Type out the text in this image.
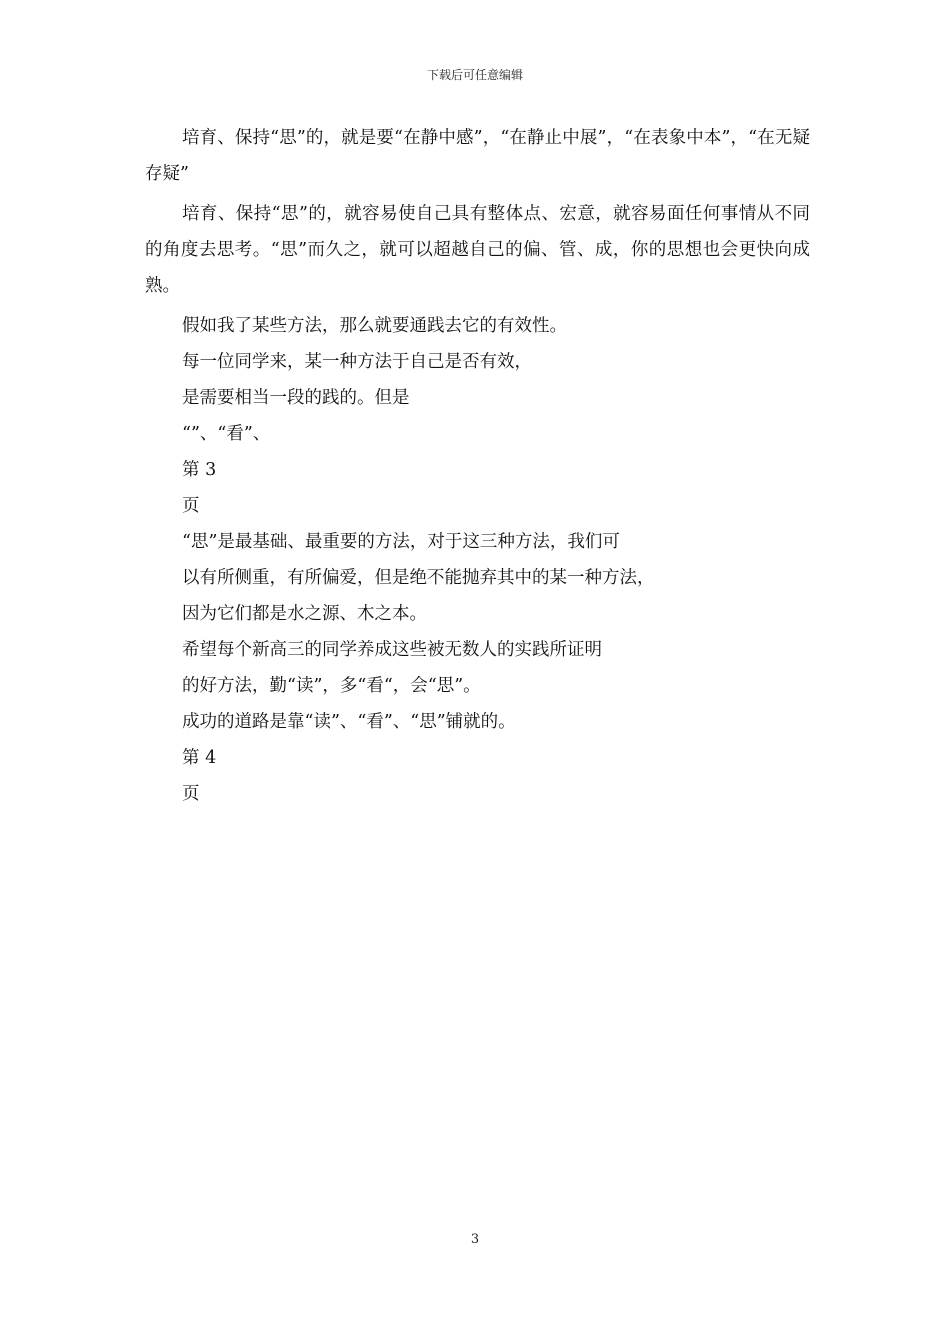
下载后可任意编辑

培育、保持“思”的，就是要“在静中感”，“在静止中展”，“在表象中本”，“在无疑存疑”

培育、保持“思”的，就容易使自己具有整体点、宏意，就容易面任何事情从不同的角度去思考。“思”而久之，就可以超越自己的偏、管、成，你的思想也会更快向成熟。

假如我了某些方法，那么就要通践去它的有效性。

每一位同学来，某一种方法于自己是否有效，

是需要相当一段的践的。但是

“”、“看”、

第 3

页

“思”是最基础、最重要的方法，对于这三种方法，我们可

以有所侧重，有所偏爱，但是绝不能抛弃其中的某一种方法，

因为它们都是水之源、木之本。

希望每个新高三的同学养成这些被无数人的实践所证明

的好方法，勤“读”，多“看“，会“思”。

成功的道路是靠“读”、“看”、“思”铺就的。

第 4

页

3
